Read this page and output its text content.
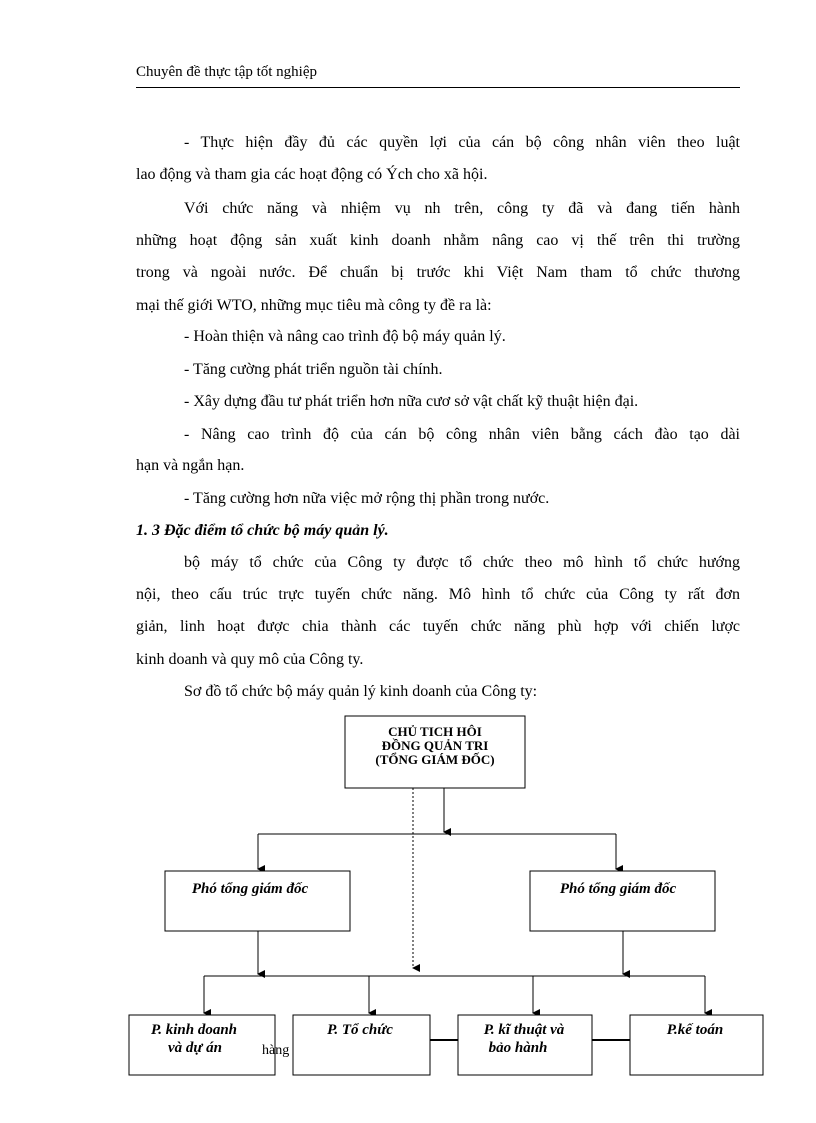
Chuyên đề thực tập tốt nghiệp
- Thực hiện đầy đủ các quyền lợi của cán bộ công nhân viên theo luật
lao động và tham gia các hoạt động có Ých cho xã hội.
Với chức năng và nhiệm vụ nh trên, công ty đã và đang tiến hành
những hoạt động sản xuất kinh doanh nhằm nâng cao vị thế trên thi trường
trong và ngoài nước. Để chuẩn bị trước khi Việt Nam tham tổ chức thương
mại thế giới WTO, những mục tiêu mà công ty đề ra là:
- Hoàn thiện và nâng cao trình độ bộ máy quản lý.
- Tăng cường phát triển nguồn tài chính.
- Xây dựng đầu tư phát triển hơn nữa cươ sở vật chất kỹ thuật hiện đại.
- Nâng cao trình độ của cán bộ công nhân viên bằng cách đào tạo dài
hạn và ngắn hạn.
- Tăng cường hơn nữa việc mở rộng thị phần trong nước.
1. 3 Đặc điểm tổ chức bộ máy quản lý.
bộ máy tổ chức của Công ty được tổ chức theo mô hình tổ chức hướng
nội, theo cấu trúc trực tuyến chức năng. Mô hình tổ chức của Công ty rất đơn
giản, linh hoạt được chia thành các tuyến chức năng phù hợp với chiến lược
kinh doanh và quy mô của Công ty.
Sơ đồ tổ chức bộ máy quản lý kinh doanh của Công ty:
CHỦ TICH HÔI
ĐỒNG QUẢN TRI
(TỔNG GIÁM ĐỐC)
Phó tổng giám đốc	Phó tổng giám đốc
P. kinh doanh
và dự án	hàng
P. Tổ chức	P. kĩ thuật và
bảo hành
P.kế toán
